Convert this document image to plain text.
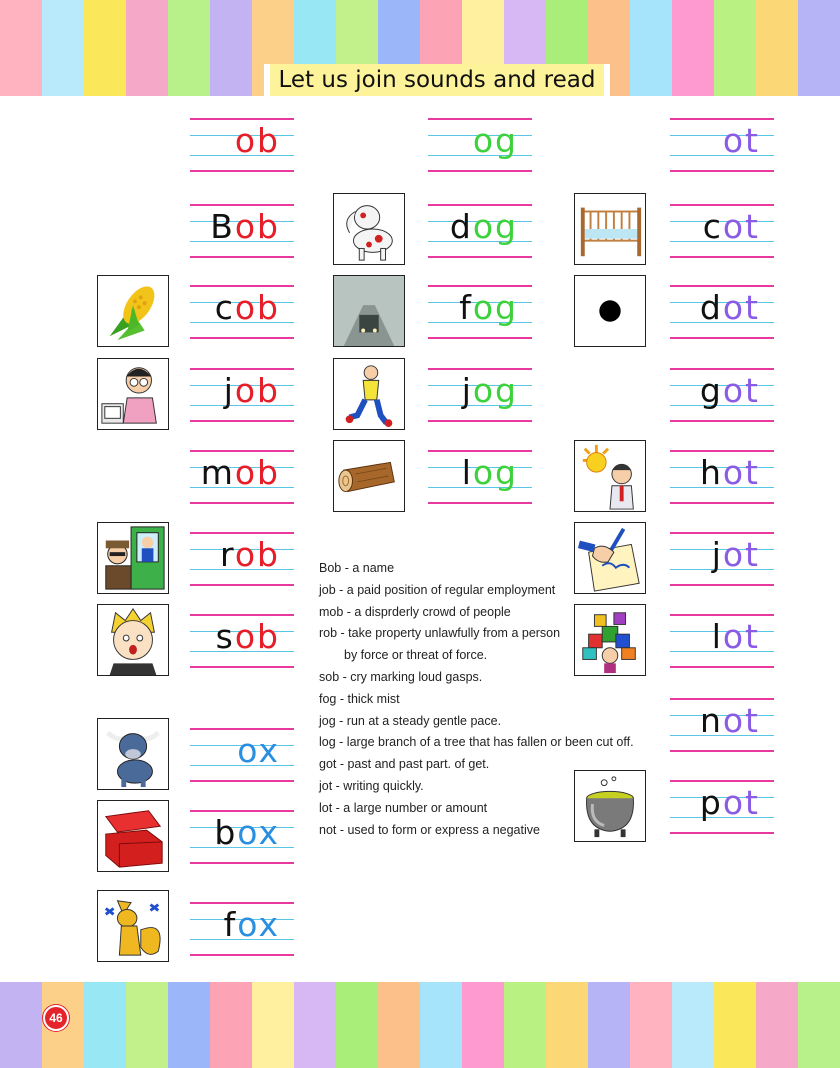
Let us join sounds and read
ob
Bob
cob
job
mob
rob
sob
ox
box
fox
og
dog
fog
jog
log
ot
cot
dot
got
hot
jot
lot
not
pot
Bob - a name
job - a paid position of regular employment
mob - a disprderly crowd of people
rob - take property unlawfully from a person
by force or threat of force.
sob - cry marking loud gasps.
fog - thick mist
jog - run at a steady gentle pace.
log - large branch of a tree that has fallen or been cut off.
got - past and past part. of get.
jot - writing quickly.
lot - a large number or amount
not - used to form or express a negative
46
